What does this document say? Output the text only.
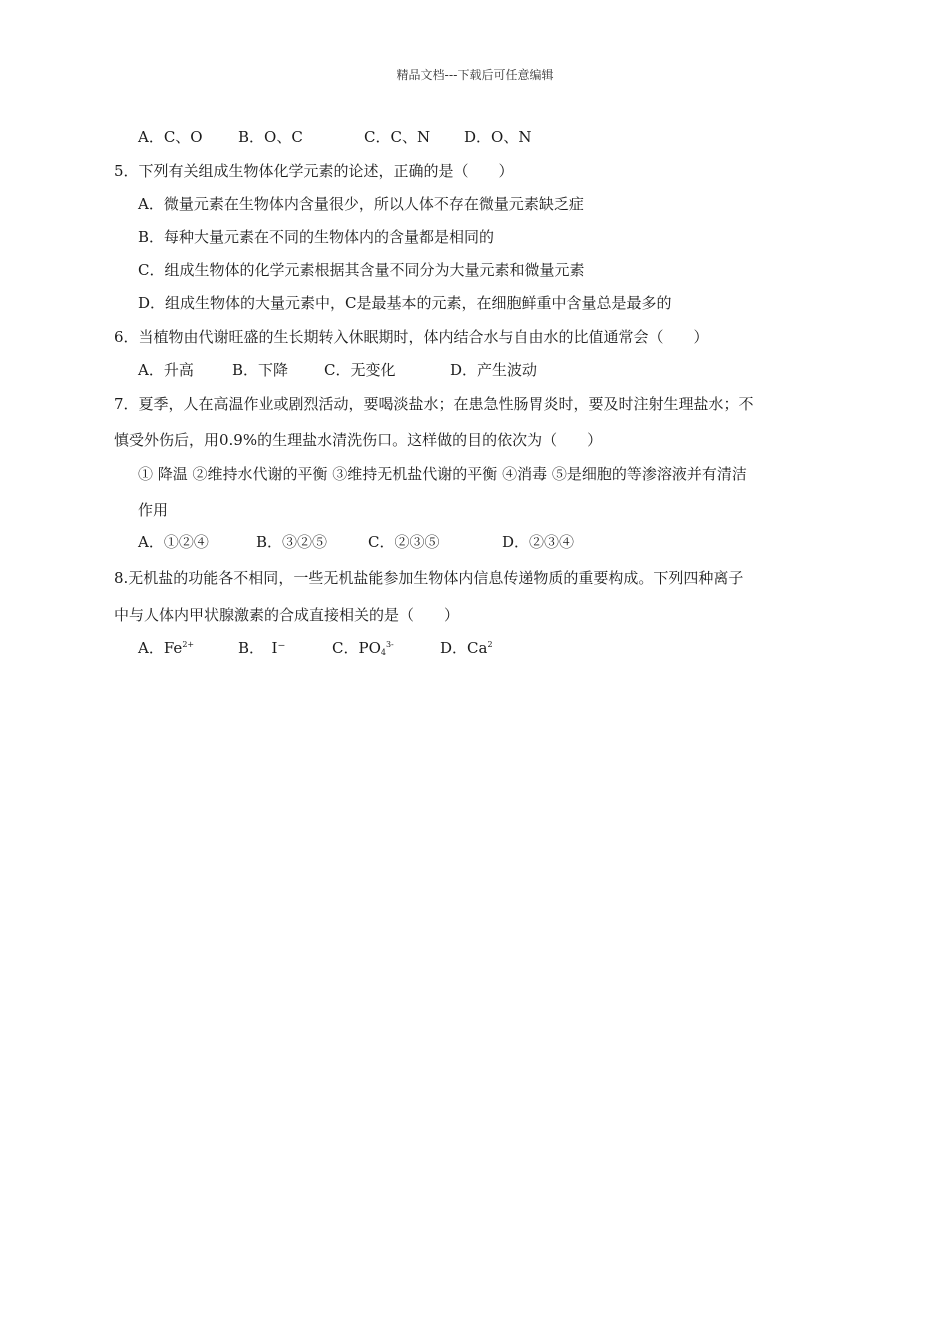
精品文档---下载后可任意编辑
A．C、O B．O、C	C．C、N D．O、N
5．下列有关组成生物体化学元素的论述，正确的是（　　）
A．微量元素在生物体内含量很少，所以人体不存在微量元素缺乏症
B．每种大量元素在不同的生物体内的含量都是相同的
C．组成生物体的化学元素根据其含量不同分为大量元素和微量元素
D．组成生物体的大量元素中，C是最基本的元素，在细胞鲜重中含量总是最多的
6．当植物由代谢旺盛的生长期转入休眠期时，体内结合水与自由水的比值通常会（　　）
A．升高	B．下降 C．无变化	D．产生波动
7．夏季，人在高温作业或剧烈活动，要喝淡盐水；在患急性肠胃炎时，要及时注射生理盐水；不
慎受外伤后，用0.9%的生理盐水清洗伤口。这样做的目的依次为（　　）
① 降温 ②维持水代谢的平衡 ③维持无机盐代谢的平衡 ④消毒 ⑤是细胞的等渗溶液并有清洁
作用
A．①②④	B．③②⑤	C．②③⑤	D．②③④
8.无机盐的功能各不相同，一些无机盐能参加生物体内信息传递物质的重要构成。下列四种离子
中与人体内甲状腺激素的合成直接相关的是（　　）
A．$Fe^{2+}$	B．　I⁻	C．$PO_4^{3-}$	D．Ca$^2$
